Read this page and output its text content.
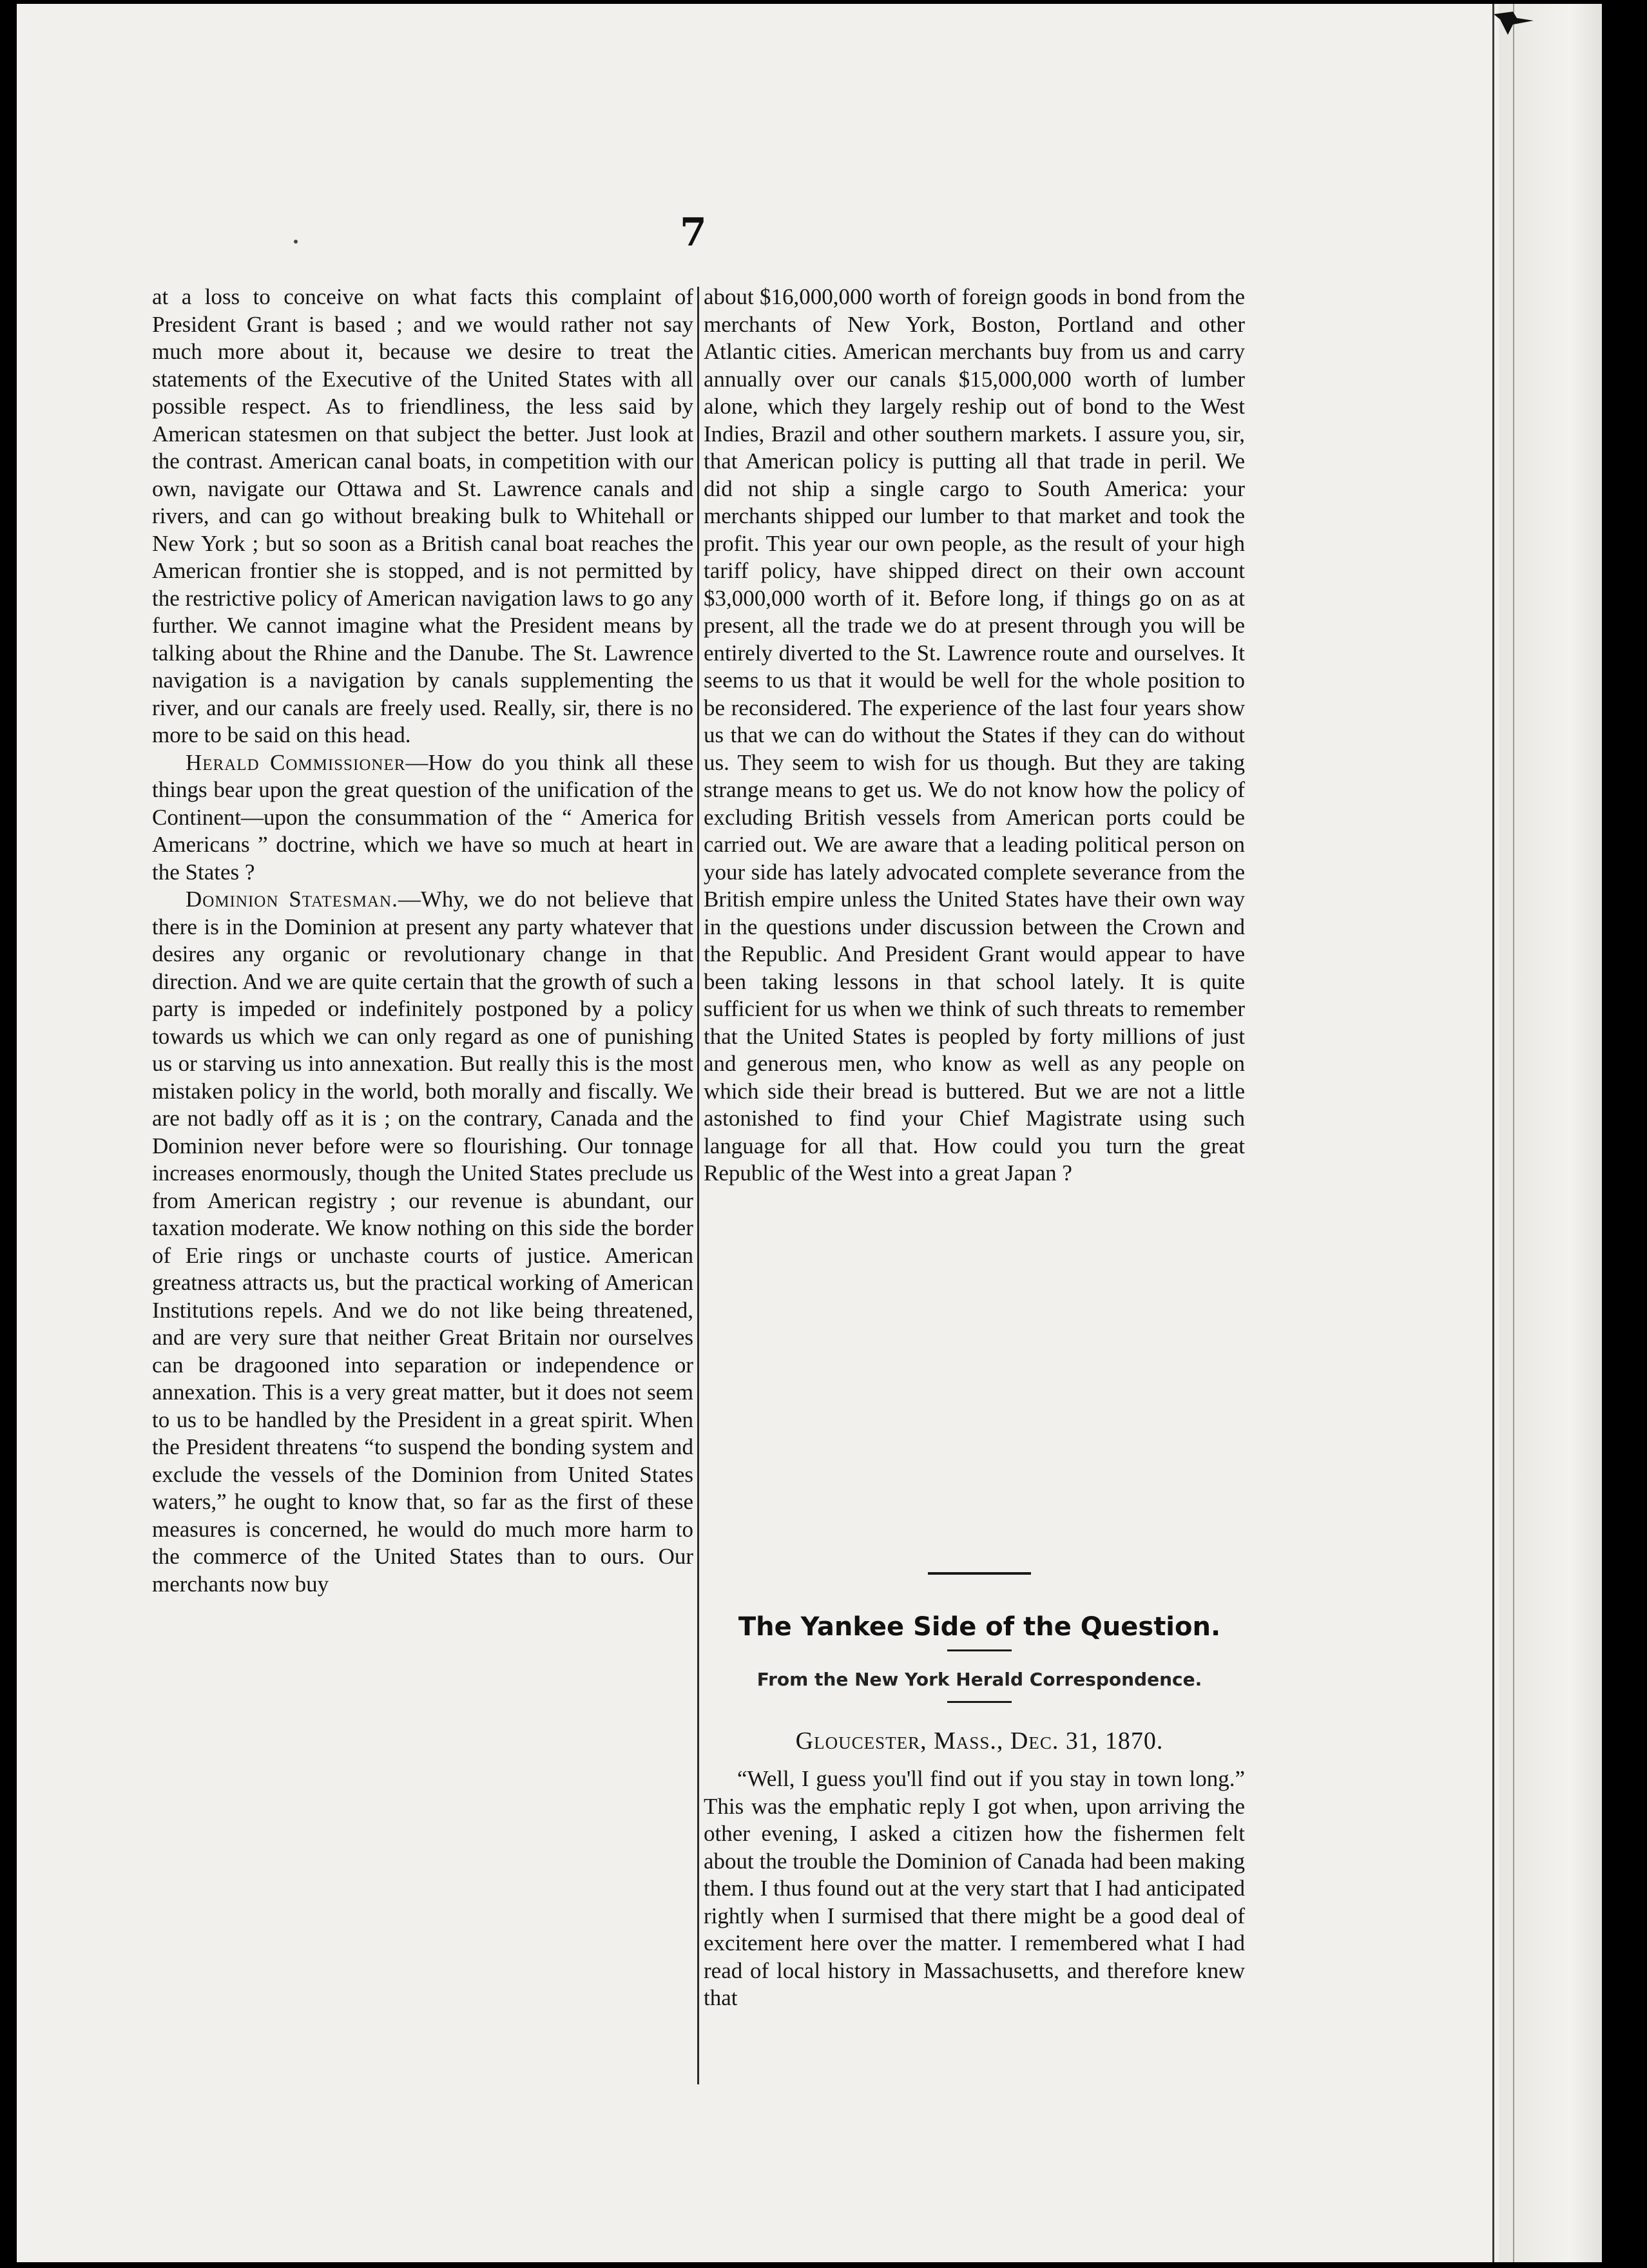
7

at a loss to conceive on what facts this complaint of President Grant is based ; and we would rather not say much more about it, because we desire to treat the statements of the Executive of the United States with all possible respect. As to friendliness, the less said by American statesmen on that subject the better. Just look at the contrast. American canal boats, in competition with our own, navigate our Ottawa and St. Lawrence canals and rivers, and can go without breaking bulk to Whitehall or New York ; but so soon as a British canal boat reaches the American frontier she is stopped, and is not permitted by the restrictive policy of American navigation laws to go any further. We cannot imagine what the President means by talking about the Rhine and the Danube. The St. Lawrence navigation is a navigation by canals supplementing the river, and our canals are freely used. Really, sir, there is no more to be said on this head.

Herald Commissioner—How do you think all these things bear upon the great question of the unification of the Continent—upon the consummation of the “ America for Americans ” doctrine, which we have so much at heart in the States ?

Dominion Statesman.—Why, we do not believe that there is in the Dominion at present any party whatever that desires any organic or revolutionary change in that direction. And we are quite certain that the growth of such a party is impeded or indefinitely postponed by a policy towards us which we can only regard as one of punishing us or starving us into annexation. But really this is the most mistaken policy in the world, both morally and fiscally. We are not badly off as it is ; on the contrary, Canada and the Dominion never before were so flourishing. Our tonnage increases enormously, though the United States preclude us from American registry ; our revenue is abundant, our taxation moderate. We know nothing on this side the border of Erie rings or unchaste courts of justice. American greatness attracts us, but the practical working of American Institutions repels. And we do not like being threatened, and are very sure that neither Great Britain nor ourselves can be dragooned into separation or independence or annexation. This is a very great matter, but it does not seem to us to be handled by the President in a great spirit. When the President threatens “to suspend the bonding system and exclude the vessels of the Dominion from United States waters,” he ought to know that, so far as the first of these measures is concerned, he would do much more harm to the commerce of the United States than to ours. Our merchants now buy

about $16,000,000 worth of foreign goods in bond from the merchants of New York, Boston, Portland and other Atlantic cities. American merchants buy from us and carry annually over our canals $15,000,000 worth of lumber alone, which they largely reship out of bond to the West Indies, Brazil and other southern markets. I assure you, sir, that American policy is putting all that trade in peril. We did not ship a single cargo to South America: your merchants shipped our lumber to that market and took the profit. This year our own people, as the result of your high tariff policy, have shipped direct on their own account $3,000,000 worth of it. Before long, if things go on as at present, all the trade we do at present through you will be entirely diverted to the St. Lawrence route and ourselves. It seems to us that it would be well for the whole position to be reconsidered. The experience of the last four years show us that we can do without the States if they can do without us. They seem to wish for us though. But they are taking strange means to get us. We do not know how the policy of excluding British vessels from American ports could be carried out. We are aware that a leading political person on your side has lately advocated complete severance from the British empire unless the United States have their own way in the questions under discussion between the Crown and the Republic. And President Grant would appear to have been taking lessons in that school lately. It is quite sufficient for us when we think of such threats to remember that the United States is peopled by forty millions of just and generous men, who know as well as any people on which side their bread is buttered. But we are not a little astonished to find your Chief Magistrate using such language for all that. How could you turn the great Republic of the West into a great Japan ?

The Yankee Side of the Question.
From the New York Herald Correspondence.
Gloucester, Mass., Dec. 31, 1870.

“Well, I guess you'll find out if you stay in town long.” This was the emphatic reply I got when, upon arriving the other evening, I asked a citizen how the fishermen felt about the trouble the Dominion of Canada had been making them. I thus found out at the very start that I had anticipated rightly when I surmised that there might be a good deal of excitement here over the matter. I remembered what I had read of local history in Massachusetts, and therefore knew that
